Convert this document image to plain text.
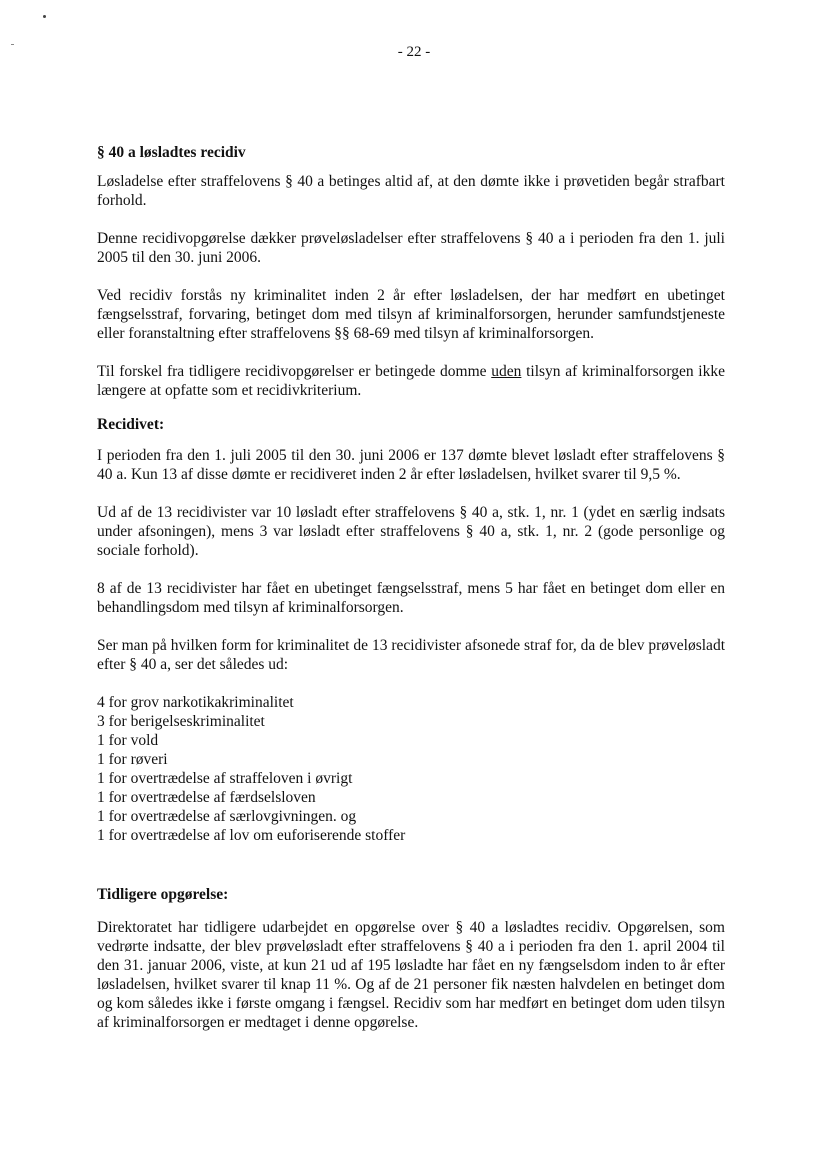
- 22 -

§ 40 a løsladtes recidiv

Løsladelse efter straffelovens § 40 a betinges altid af, at den dømte ikke i prøvetiden begår strafbart forhold.

Denne recidivopgørelse dækker prøveløsladelser efter straffelovens § 40 a i perioden fra den 1. juli 2005 til den 30. juni 2006.

Ved recidiv forstås ny kriminalitet inden 2 år efter løsladelsen, der har medført en ubetinget fængselsstraf, forvaring, betinget dom med tilsyn af kriminalforsorgen, herunder samfundstjeneste eller foranstaltning efter straffelovens §§ 68-69 med tilsyn af kriminalforsorgen.

Til forskel fra tidligere recidivopgørelser er betingede domme uden tilsyn af kriminalforsorgen ikke længere at opfatte som et recidivkriterium.

Recidivet:

I perioden fra den 1. juli 2005 til den 30. juni 2006 er 137 dømte blevet løsladt efter straffelovens § 40 a. Kun 13 af disse dømte er recidiveret inden 2 år efter løsladelsen, hvilket svarer til 9,5 %.

Ud af de 13 recidivister var 10 løsladt efter straffelovens § 40 a, stk. 1, nr. 1 (ydet en særlig indsats under afsoningen), mens 3 var løsladt efter straffelovens § 40 a, stk. 1, nr. 2 (gode personlige og sociale forhold).

8 af de 13 recidivister har fået en ubetinget fængselsstraf, mens 5 har fået en betinget dom eller en behandlingsdom med tilsyn af kriminalforsorgen.

Ser man på hvilken form for kriminalitet de 13 recidivister afsonede straf for, da de blev prøveløsladt efter § 40 a, ser det således ud:

4 for grov narkotikakriminalitet
3 for berigelseskriminalitet
1 for vold
1 for røveri
1 for overtrædelse af straffeloven i øvrigt
1 for overtrædelse af færdselsloven
1 for overtrædelse af særlovgivningen. og
1 for overtrædelse af lov om euforiserende stoffer

Tidligere opgørelse:

Direktoratet har tidligere udarbejdet en opgørelse over § 40 a løsladtes recidiv. Opgørelsen, som vedrørte indsatte, der blev prøveløsladt efter straffelovens § 40 a i perioden fra den 1. april 2004 til den 31. januar 2006, viste, at kun 21 ud af 195 løsladte har fået en ny fængselsdom inden to år efter løsladelsen, hvilket svarer til knap 11 %. Og af de 21 personer fik næsten halvdelen en betinget dom og kom således ikke i første omgang i fængsel. Recidiv som har medført en betinget dom uden tilsyn af kriminalforsorgen er medtaget i denne opgørelse.
